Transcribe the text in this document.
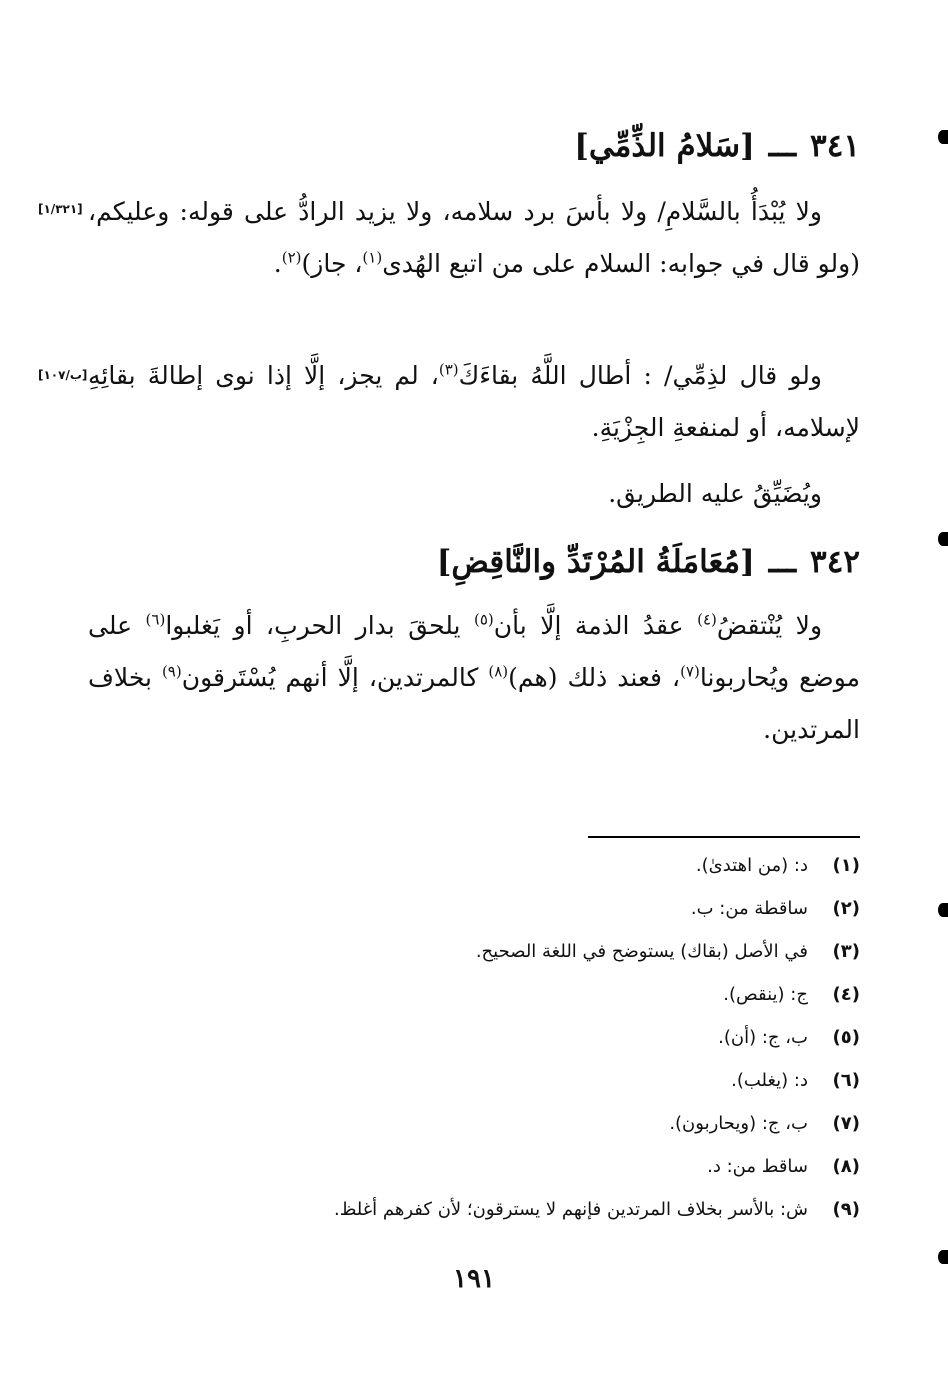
٣٤١ـــ[سَلامُ الذِّمِّي]
[١/٣٢١] ولا يُبْدَأُ بالسَّلامِ/ ولا بأسَ برد سلامه، ولا يزيد الرادُّ على قوله: وعليكم، (ولو قال في جوابه: السلام على من اتبع الهُدى$^{(١)}$، جاز)$^{(٢)}$.
[ب/١٠٧]	ولو قال لذِمِّي/ : أطال اللَّهُ بقاءَكَ$^{(٣)}$، لم يجز، إلَّا إذا نوى إطالةَ بقائِهِ لإسلامه، أو لمنفعةِ الجِزْيَةِ.
ويُضَيِّقُ عليه الطريق.
٣٤٢ـــ[مُعَامَلَةُ المُرْتَدِّ والنَّاقِضِ]
ولا يُنْتقضُ$^{(٤)}$ عقدُ الذمة إلَّا بأن$^{(٥)}$ يلحقَ بدار الحربِ، أو يَغلبوا$^{(٦)}$ على موضع ويُحاربونا$^{(٧)}$، فعند ذلك (هم)$^{(٨)}$ كالمرتدين، إلَّا أنهم يُسْتَرقون$^{(٩)}$ بخلاف المرتدين.
(١)د: (من اهتدىٰ).
(٢)ساقطة من: ب.
(٣)في الأصل (بقاك) يستوضح في اللغة الصحيح.
(٤)ج: (ينقص).
(٥)ب، ج: (أن).
(٦)د: (يغلب).
(٧)ب، ج: (ويحاربون).
(٨)ساقط من: د.
(٩)ش: بالأسر بخلاف المرتدين فإنهم لا يسترقون؛ لأن كفرهم أغلظ.
١٩١
